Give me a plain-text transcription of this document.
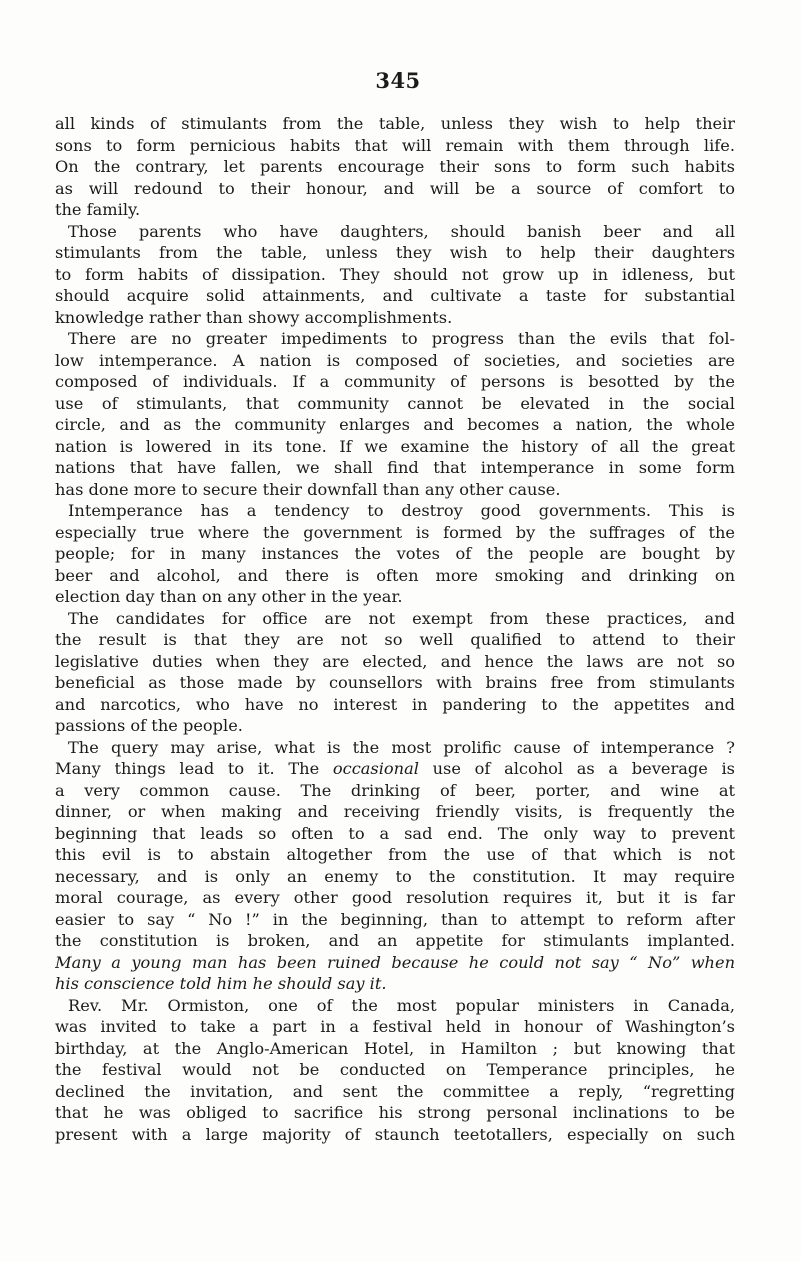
345
all kinds of stimulants from the table, unless they wish to help their
sons to form pernicious habits that will remain with them through life.
On the contrary, let parents encourage their sons to form such habits
as will redound to their honour, and will be a source of comfort to
the family.
Those parents who have daughters, should banish beer and all
stimulants from the table, unless they wish to help their daughters
to form habits of dissipation. They should not grow up in idleness, but
should acquire solid attainments, and cultivate a taste for substantial
knowledge rather than showy accomplishments.
There are no greater impediments to progress than the evils that fol-
low intemperance. A nation is composed of societies, and societies are
composed of individuals. If a community of persons is besotted by the
use of stimulants, that community cannot be elevated in the social
circle, and as the community enlarges and becomes a nation, the whole
nation is lowered in its tone. If we examine the history of all the great
nations that have fallen, we shall find that intemperance in some form
has done more to secure their downfall than any other cause.
Intemperance has a tendency to destroy good governments. This is
especially true where the government is formed by the suffrages of the
people; for in many instances the votes of the people are bought by
beer and alcohol, and there is often more smoking and drinking on
election day than on any other in the year.
The candidates for office are not exempt from these practices, and
the result is that they are not so well qualified to attend to their
legislative duties when they are elected, and hence the laws are not so
beneficial as those made by counsellors with brains free from stimulants
and narcotics, who have no interest in pandering to the appetites and
passions of the people.
The query may arise, what is the most prolific cause of intemperance ?
Many things lead to it. The occasional use of alcohol as a beverage is
a very common cause. The drinking of beer, porter, and wine at
dinner, or when making and receiving friendly visits, is frequently the
beginning that leads so often to a sad end. The only way to prevent
this evil is to abstain altogether from the use of that which is not
necessary, and is only an enemy to the constitution. It may require
moral courage, as every other good resolution requires it, but it is far
easier to say “ No !” in the beginning, than to attempt to reform after
the constitution is broken, and an appetite for stimulants implanted.
Many a young man has been ruined because he could not say “ No” when
his conscience told him he should say it.
Rev. Mr. Ormiston, one of the most popular ministers in Canada,
was invited to take a part in a festival held in honour of Washington’s
birthday, at the Anglo-American Hotel, in Hamilton ; but knowing that
the festival would not be conducted on Temperance principles, he
declined the invitation, and sent the committee a reply, “regretting
that he was obliged to sacrifice his strong personal inclinations to be
present with a large majority of staunch teetotallers, especially on such
